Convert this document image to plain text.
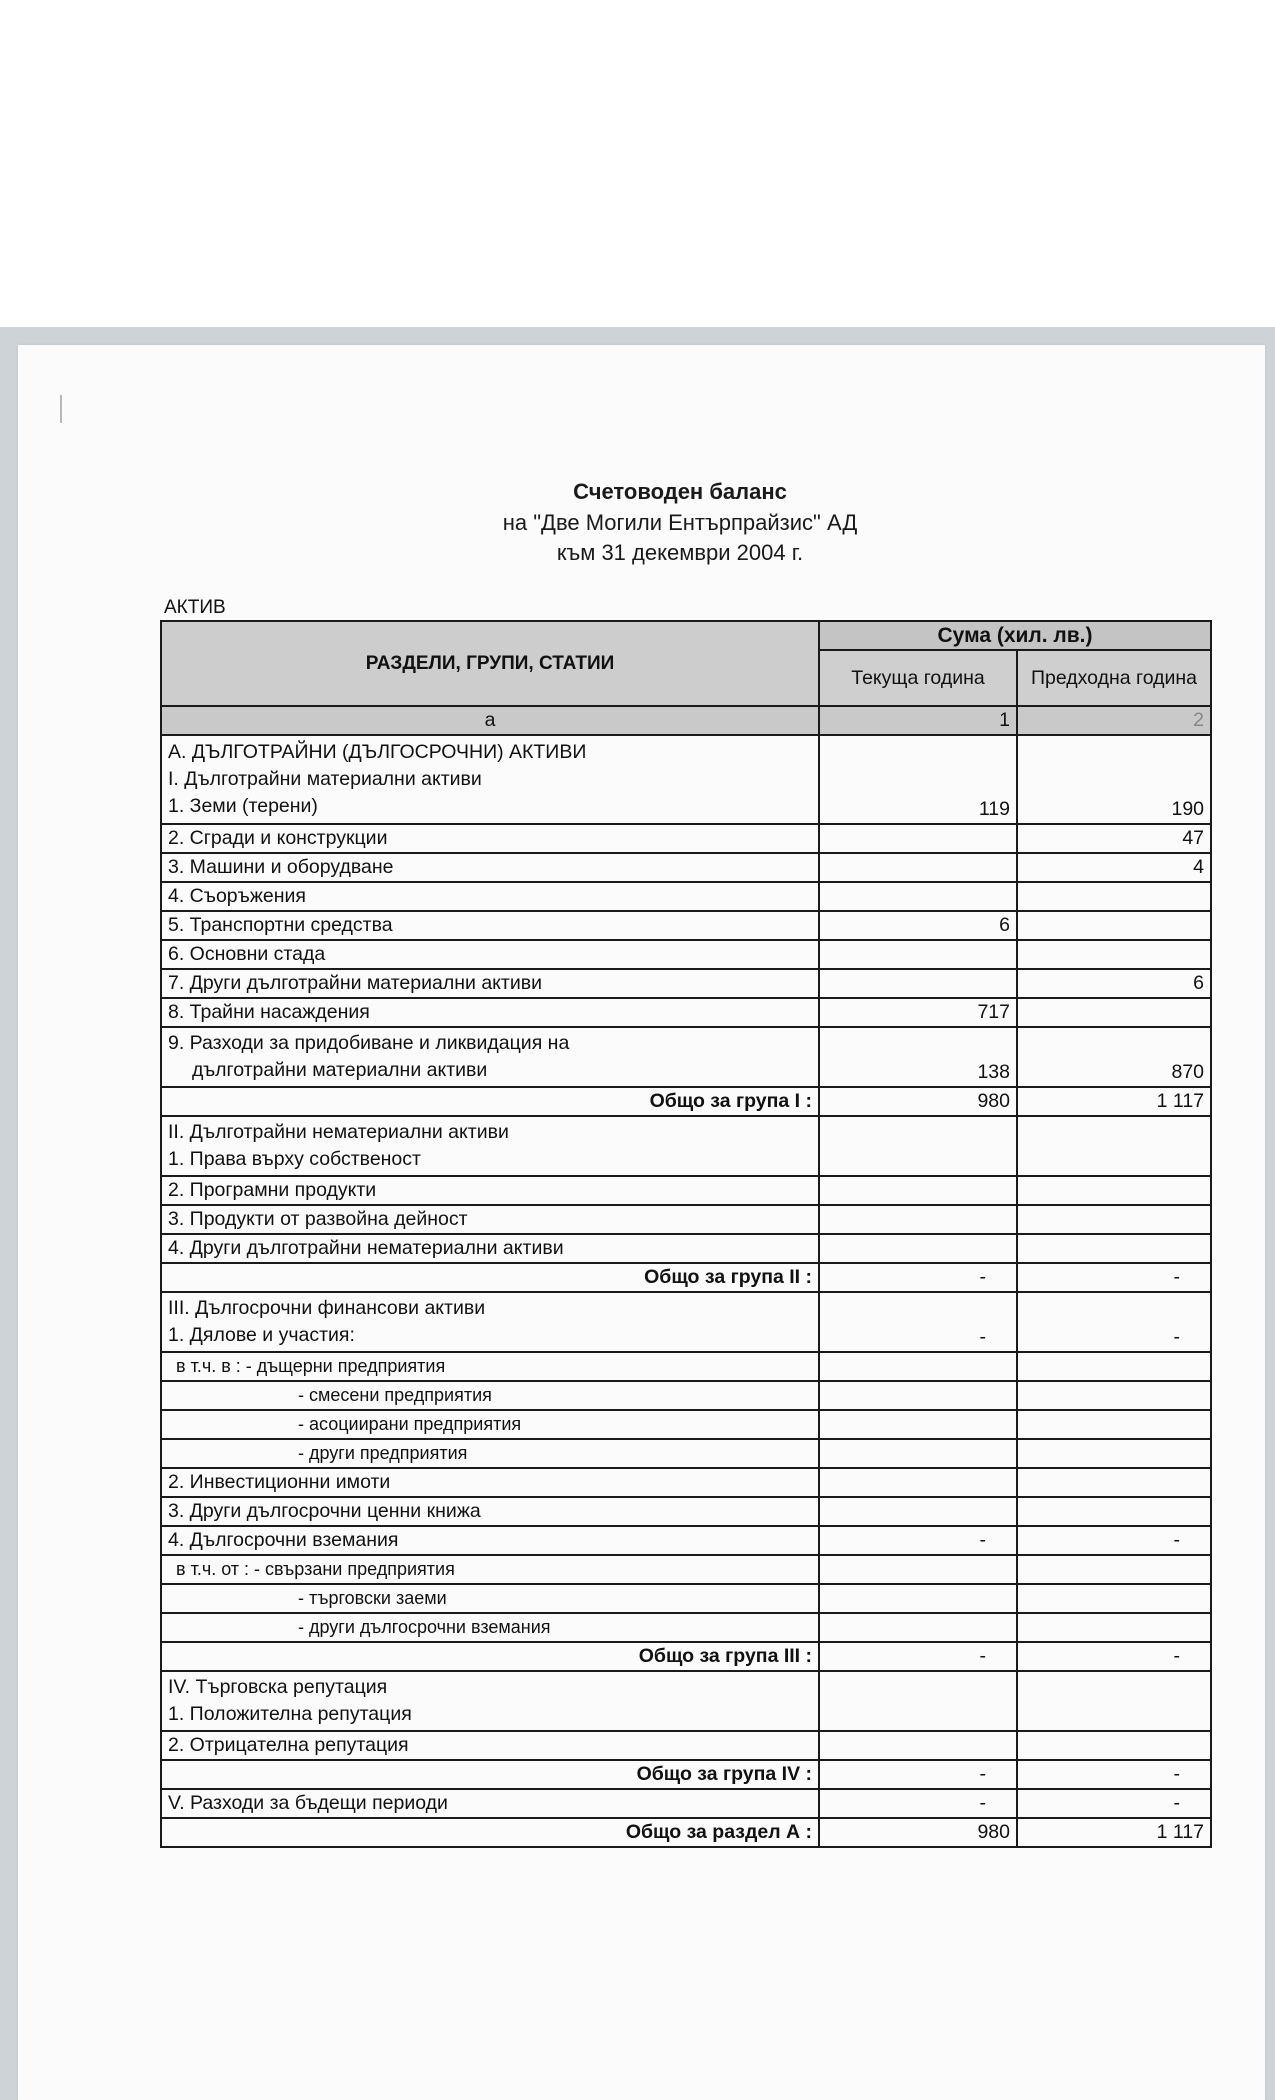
Счетоводен баланс
на "Две Могили Ентърпрайзис" АД
към 31 декември 2004 г.
АКТИВ
РАЗДЕЛИ, ГРУПИ, СТАТИИ	Сума (хил. лв.)	
	Текуща година	Предходна година
а	1	2

А. ДЪЛГОТРАЙНИ (ДЪЛГОСРОЧНИ) АКТИВИ
І. Дълготрайни материални активи
1. Земи (терени)	119	190
2. Сгради и конструкции		47
3. Машини и оборудване		4
4. Съоръжения		
5. Транспортни средства	6	
6. Основни стада		
7. Други дълготрайни материални активи		6
8. Трайни насаждения	717	

9. Разходи за придобиване и ликвидация на
дълготрайни материални активи	138	870
Общо за група І :	980	1 117

ІІ. Дълготрайни нематериални активи
1. Права върху собственост		

2. Програмни продукти		
3. Продукти от развойна дейност		
4. Други дълготрайни нематериални активи		
Общо за група ІІ :	-	-

ІІІ. Дългосрочни финансови активи
1. Дялове и участия:	-	-
в т.ч. в : - дъщерни предприятия		
- смесени предприятия		
- асоциирани предприятия		
- други предприятия		
2. Инвестиционни имоти		
3. Други дългосрочни ценни книжа		
4. Дългосрочни вземания	-	-
в т.ч. от : - свързани предприятия		
- търговски заеми		
- други дългосрочни вземания		
Общо за група ІІІ :	-	-

ІV. Търговска репутация
1. Положителна репутация		

2. Отрицателна репутация		
Общо за група ІV :	-	-
V. Разходи за бъдещи периоди	-	-
Общо за раздел А :	980	1 117
